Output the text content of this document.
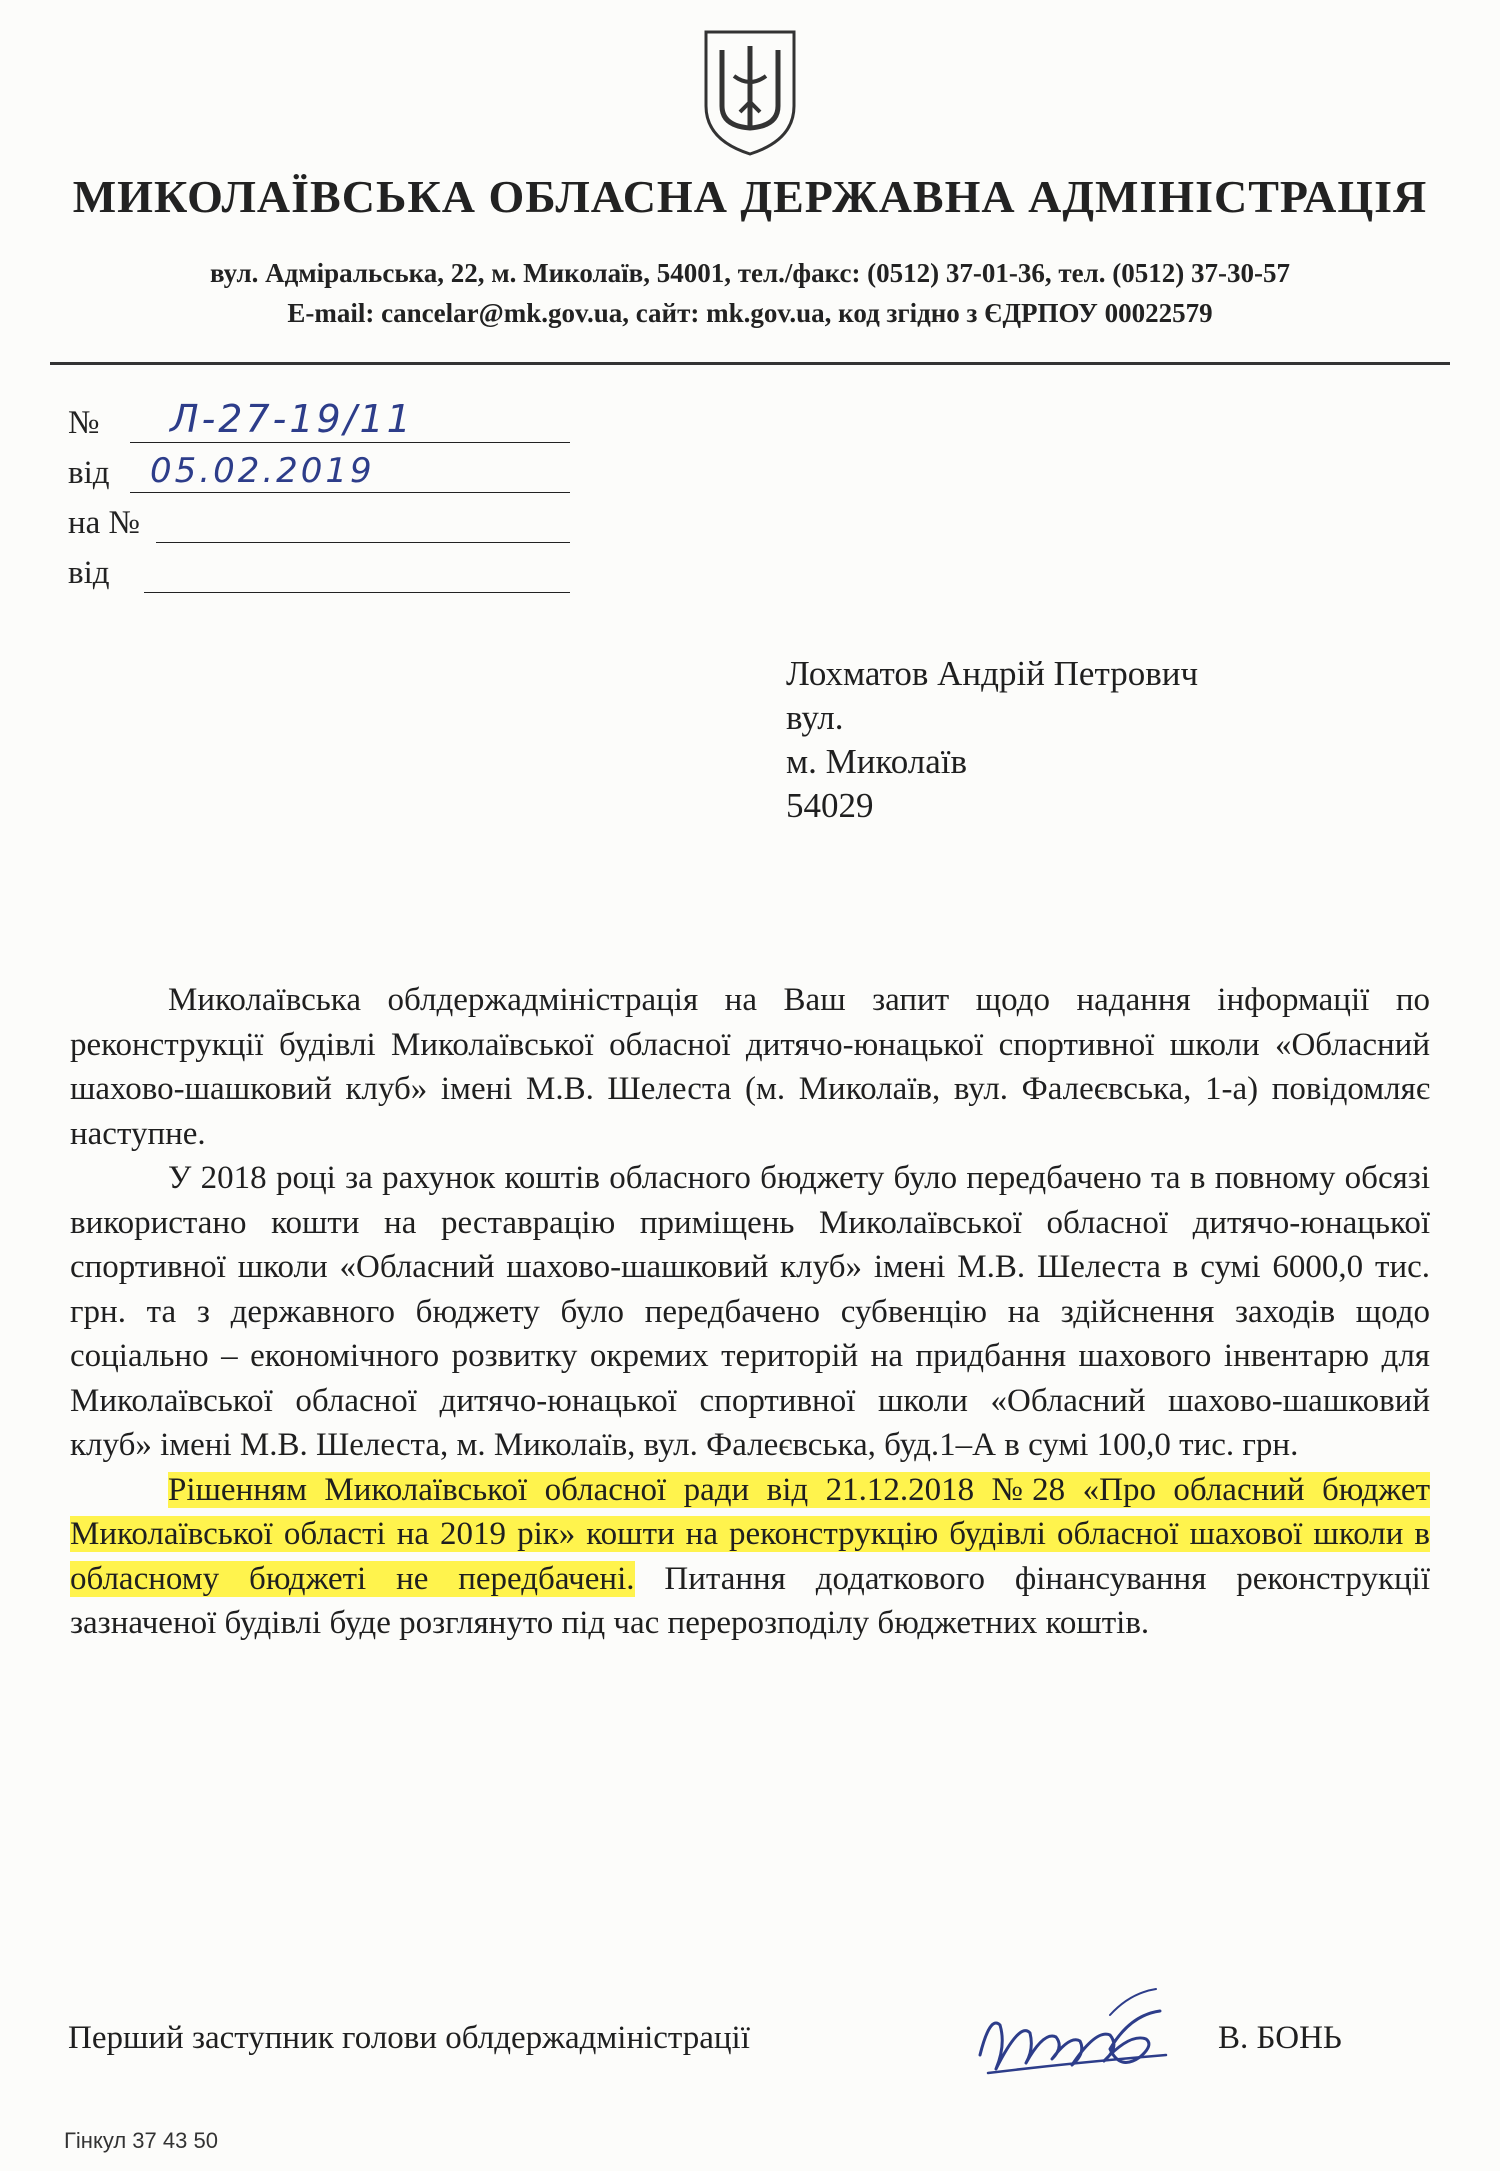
МИКОЛАЇВСЬКА ОБЛАСНА ДЕРЖАВНА АДМІНІСТРАЦІЯ
вул. Адміральська, 22, м. Миколаїв, 54001, тел./факс: (0512) 37-01-36, тел. (0512) 37-30-57
E-mail: cancelar@mk.gov.ua, сайт: mk.gov.ua, код згідно з ЄДРПОУ 00022579
№ Л-27-19/11
від 05.02.2019
на №
від
Лохматов Андрій Петрович
вул.
м. Миколаїв
54029

Миколаївська облдержадміністрація на Ваш запит щодо надання інформації по реконструкції будівлі Миколаївської обласної дитячо-юнацької спортивної школи «Обласний шахово-шашковий клуб» імені М.В. Шелеста (м. Миколаїв, вул. Фалеєвська, 1-а) повідомляє наступне.

У 2018 році за рахунок коштів обласного бюджету було передбачено та в повному обсязі використано кошти на реставрацію приміщень Миколаївської обласної дитячо-юнацької спортивної школи «Обласний шахово-шашковий клуб» імені М.В. Шелеста в сумі 6000,0 тис. грн. та з державного бюджету було передбачено субвенцію на здійснення заходів щодо соціально – економічного розвитку окремих територій на придбання шахового інвентарю для Миколаївської обласної дитячо-юнацької спортивної школи «Обласний шахово-шашковий клуб» імені М.В. Шелеста, м. Миколаїв, вул. Фалеєвська, буд.1–А в сумі 100,0 тис. грн.

Рішенням Миколаївської обласної ради від 21.12.2018 №28 «Про обласний бюджет Миколаївської області на 2019 рік» кошти на реконструкцію будівлі обласної шахової школи в обласному бюджеті не передбачені. Питання додаткового фінансування реконструкції зазначеної будівлі буде розглянуто під час перерозподілу бюджетних коштів.

Перший заступник голови облдержадміністрації	В. БОНЬ
Гінкул 37 43 50
